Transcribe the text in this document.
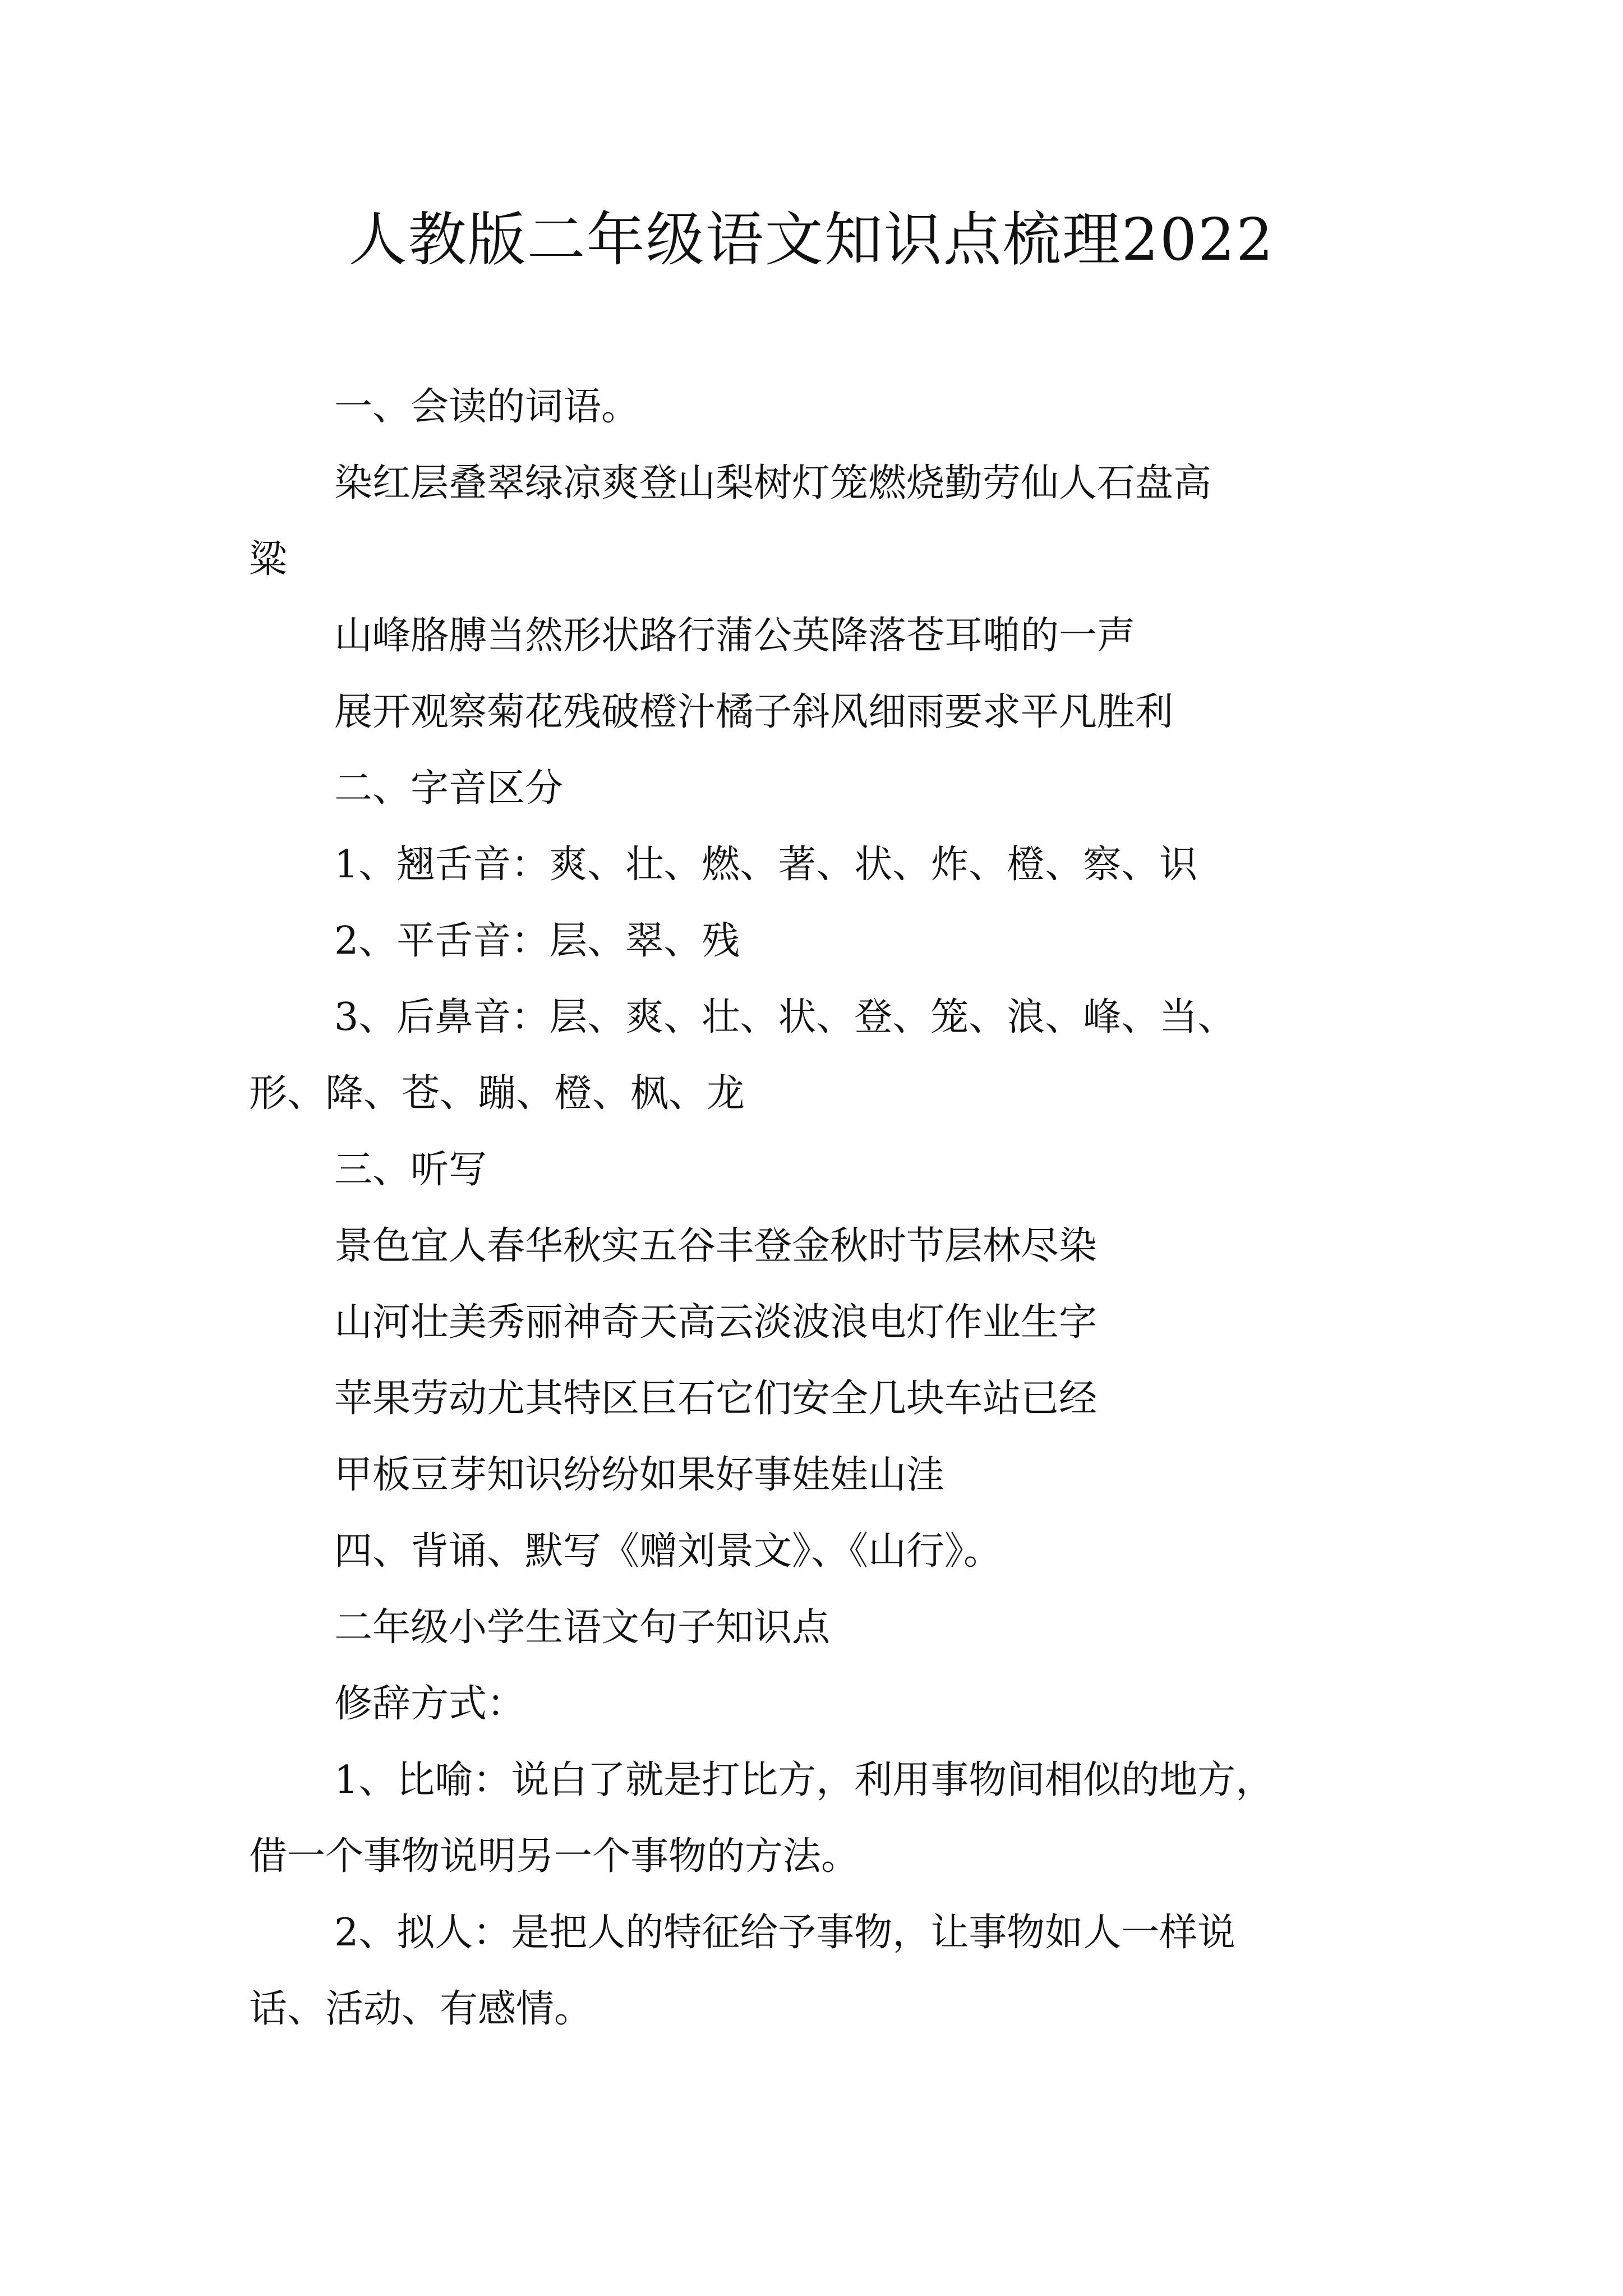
人教版二年级语文知识点梳理2022
一、会读的词语。
染红层叠翠绿凉爽登山梨树灯笼燃烧勤劳仙人石盘高
粱
山峰胳膊当然形状路行蒲公英降落苍耳啪的一声
展开观察菊花残破橙汁橘子斜风细雨要求平凡胜利
二、字音区分
1、翘舌音：爽、壮、燃、著、状、炸、橙、察、识
2、平舌音：层、翠、残
3、后鼻音：层、爽、壮、状、登、笼、浪、峰、当、
形、降、苍、蹦、橙、枫、龙
三、听写
景色宜人春华秋实五谷丰登金秋时节层林尽染
山河壮美秀丽神奇天高云淡波浪电灯作业生字
苹果劳动尤其特区巨石它们安全几块车站已经
甲板豆芽知识纷纷如果好事娃娃山洼
四、背诵、默写《赠刘景文》、《山行》。
二年级小学生语文句子知识点
修辞方式：
1、比喻：说白了就是打比方，利用事物间相似的地方，
借一个事物说明另一个事物的方法。
2、拟人：是把人的特征给予事物，让事物如人一样说
话、活动、有感情。
